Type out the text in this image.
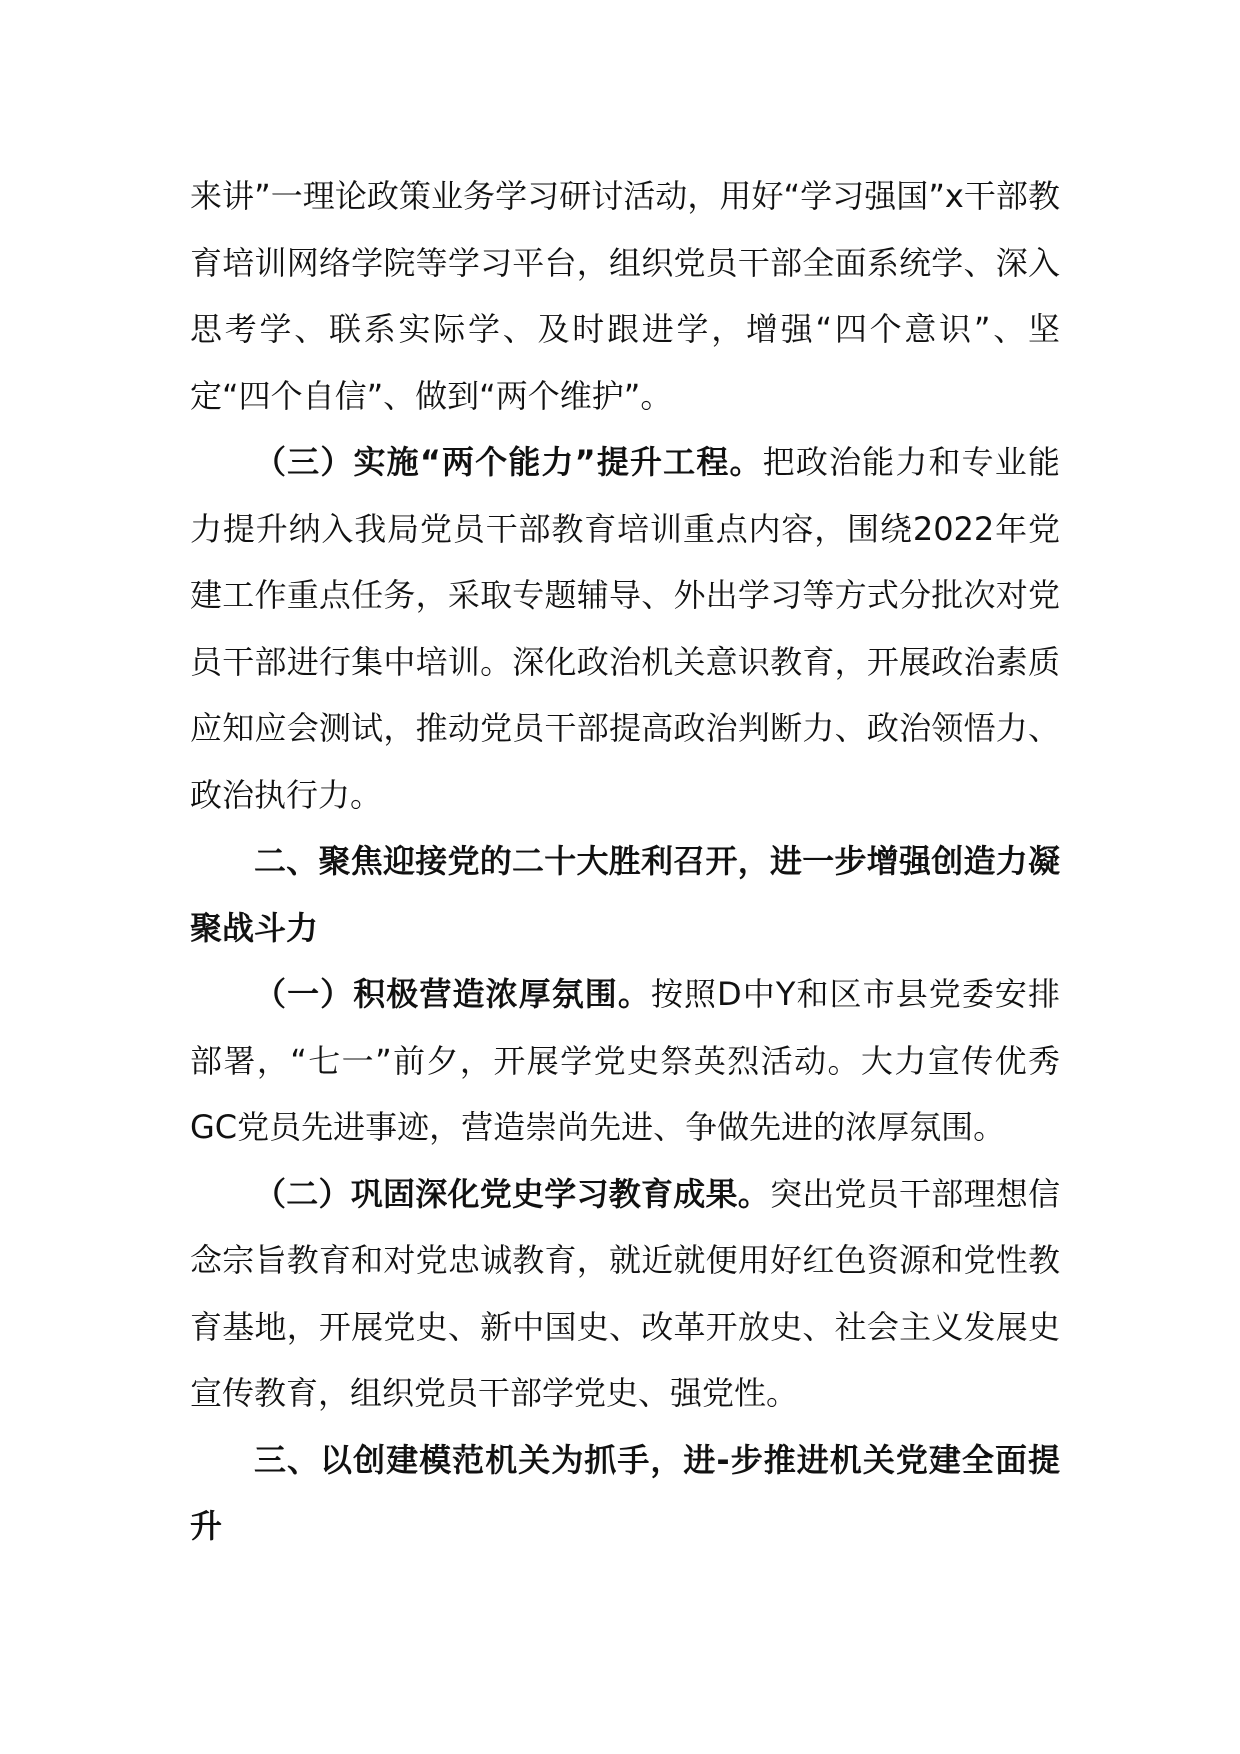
来讲”一理论政策业务学习研讨活动，用好“学习强国”x干部教育培训网络学院等学习平台，组织党员干部全面系统学、深入思考学、联系实际学、及时跟进学，增强“四个意识”、坚定“四个自信”、做到“两个维护”。

（三）实施“两个能力”提升工程。把政治能力和专业能力提升纳入我局党员干部教育培训重点内容，围绕2022年党建工作重点任务，采取专题辅导、外出学习等方式分批次对党员干部进行集中培训。深化政治机关意识教育，开展政治素质应知应会测试，推动党员干部提高政治判断力、政治领悟力、政治执行力。

二、聚焦迎接党的二十大胜利召开，进一步增强创造力凝聚战斗力

（一）积极营造浓厚氛围。按照D中Y和区市县党委安排部署，“七一”前夕，开展学党史祭英烈活动。大力宣传优秀GC党员先进事迹，营造崇尚先进、争做先进的浓厚氛围。

（二）巩固深化党史学习教育成果。突出党员干部理想信念宗旨教育和对党忠诚教育，就近就便用好红色资源和党性教育基地，开展党史、新中国史、改革开放史、社会主义发展史宣传教育，组织党员干部学党史、强党性。

三、以创建模范机关为抓手，进-步推进机关党建全面提升
